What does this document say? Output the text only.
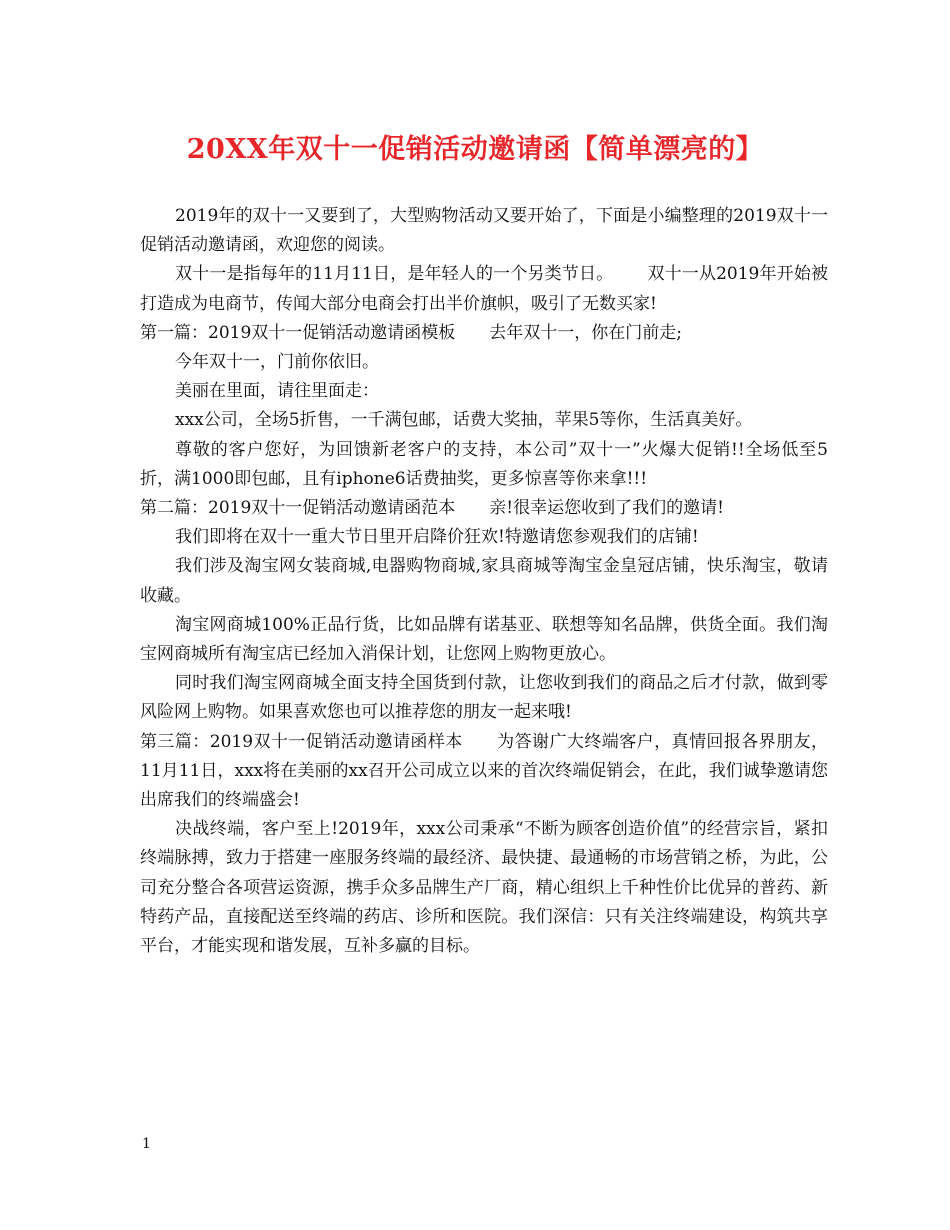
20XX年双十一促销活动邀请函【简单漂亮的】

2019年的双十一又要到了，大型购物活动又要开始了，下面是小编整理的2019双十一促销活动邀请函，欢迎您的阅读。

双十一是指每年的11月11日，是年轻人的一个另类节日。 双十一从2019年开始被打造成为电商节，传闻大部分电商会打出半价旗帜，吸引了无数买家!

第一篇：2019双十一促销活动邀请函模板 去年双十一，你在门前走;

今年双十一，门前你依旧。

美丽在里面，请往里面走：

xxx公司，全场5折售，一千满包邮，话费大奖抽，苹果5等你，生活真美好。

尊敬的客户您好，为回馈新老客户的支持，本公司”双十一”火爆大促销!!全场低至5折，满1000即包邮，且有iphone6话费抽奖，更多惊喜等你来拿!!!

第二篇：2019双十一促销活动邀请函范本 亲!很幸运您收到了我们的邀请!

我们即将在双十一重大节日里开启降价狂欢!特邀请您参观我们的店铺!

我们涉及淘宝网女装商城,电器购物商城,家具商城等淘宝金皇冠店铺，快乐淘宝，敬请收藏。

淘宝网商城100%正品行货，比如品牌有诺基亚、联想等知名品牌，供货全面。我们淘宝网商城所有淘宝店已经加入消保计划，让您网上购物更放心。

同时我们淘宝网商城全面支持全国货到付款，让您收到我们的商品之后才付款，做到零风险网上购物。如果喜欢您也可以推荐您的朋友一起来哦!

第三篇：2019双十一促销活动邀请函样本 为答谢广大终端客户，真情回报各界朋友，11月11日，xxx将在美丽的xx召开公司成立以来的首次终端促销会，在此，我们诚挚邀请您出席我们的终端盛会!

决战终端，客户至上!2019年，xxx公司秉承“不断为顾客创造价值”的经营宗旨，紧扣终端脉搏，致力于搭建一座服务终端的最经济、最快捷、最通畅的市场营销之桥，为此，公司充分整合各项营运资源，携手众多品牌生产厂商，精心组织上千种性价比优异的普药、新特药产品，直接配送至终端的药店、诊所和医院。我们深信：只有关注终端建设，构筑共享平台，才能实现和谐发展，互补多赢的目标。

1
